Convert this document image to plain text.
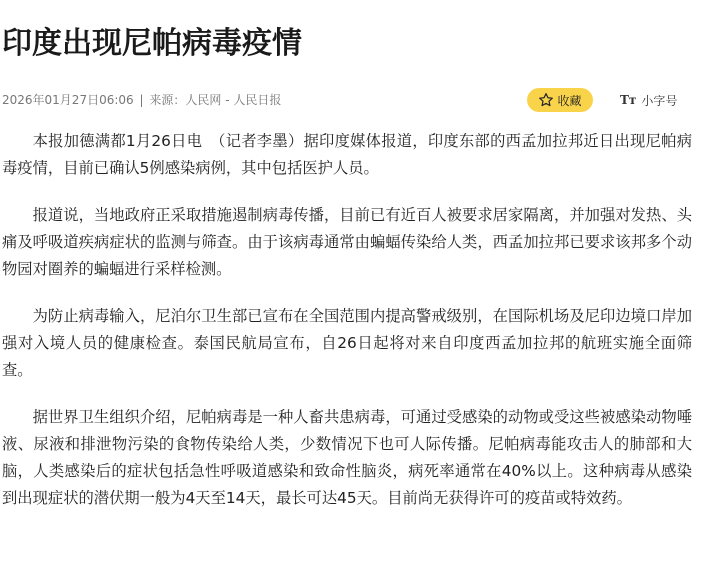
印度出现尼帕病毒疫情
2026年01月27日06:06 | 来源：人民网 - 人民日报	收藏	Tт 小字号

本报加德满都1月26日电　（记者李墨）据印度媒体报道，印度东部的西孟加拉邦近日出现尼帕病毒疫情，目前已确认5例感染病例，其中包括医护人员。

报道说，当地政府正采取措施遏制病毒传播，目前已有近百人被要求居家隔离，并加强对发热、头痛及呼吸道疾病症状的监测与筛查。由于该病毒通常由蝙蝠传染给人类，西孟加拉邦已要求该邦多个动物园对圈养的蝙蝠进行采样检测。

为防止病毒输入，尼泊尔卫生部已宣布在全国范围内提高警戒级别，在国际机场及尼印边境口岸加强对入境人员的健康检查。泰国民航局宣布，自26日起将对来自印度西孟加拉邦的航班实施全面筛查。

据世界卫生组织介绍，尼帕病毒是一种人畜共患病毒，可通过受感染的动物或受这些被感染动物唾液、尿液和排泄物污染的食物传染给人类，少数情况下也可人际传播。尼帕病毒能攻击人的肺部和大脑，人类感染后的症状包括急性呼吸道感染和致命性脑炎，病死率通常在40%以上。这种病毒从感染到出现症状的潜伏期一般为4天至14天，最长可达45天。目前尚无获得许可的疫苗或特效药。
